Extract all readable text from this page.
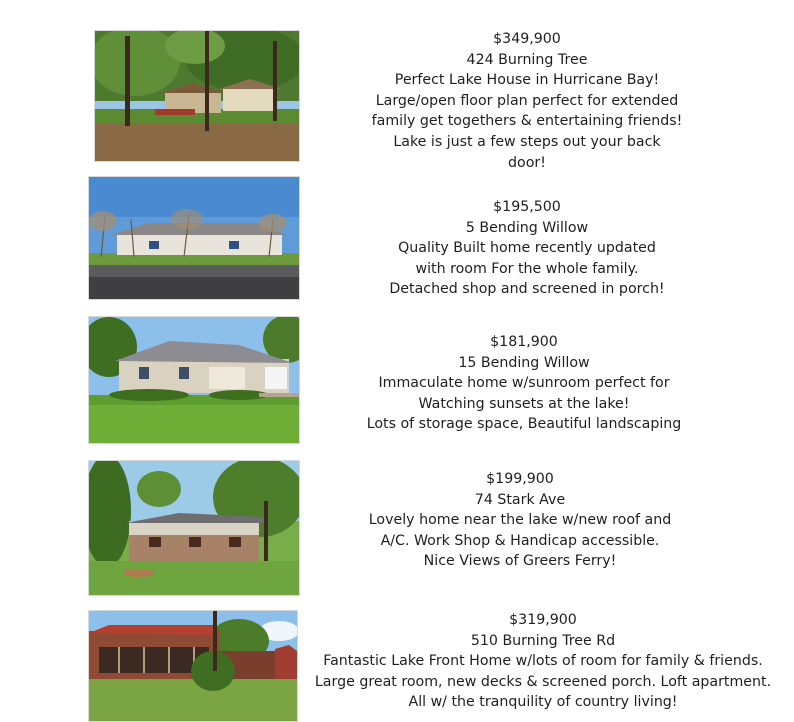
$349,900
424 Burning Tree
Perfect Lake House in Hurricane Bay!
Large/open floor plan perfect for extended
family get togethers & entertaining friends!
Lake is just a few steps out your back
door!
$195,500
5 Bending Willow
Quality Built home recently updated
with room For the whole family.
Detached shop and screened in porch!
$181,900
15 Bending Willow
Immaculate home w/sunroom perfect for
Watching sunsets at the lake!
Lots of storage space, Beautiful landscaping
$199,900
74 Stark Ave
Lovely home near the lake w/new roof and
A/C. Work Shop & Handicap accessible.
Nice Views of Greers Ferry!
$319,900
510 Burning Tree Rd
Fantastic Lake Front Home w/lots of room for family & friends.
Large great room, new decks & screened porch. Loft apartment.
All w/ the tranquility of country living!
